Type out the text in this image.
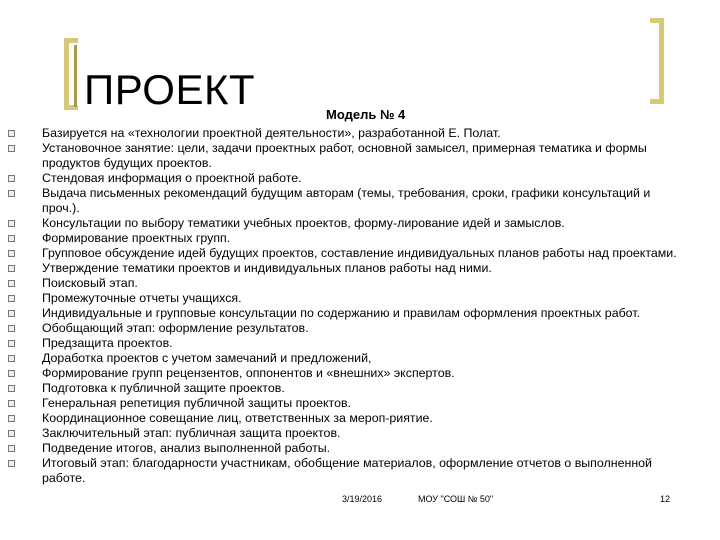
ПРОЕКТ
Модель № 4
Базируется на «технологии проектной деятельности», разработанной Е. Полат.
Установочное занятие: цели, задачи проектных работ, основной замысел, примерная тематика и формы продуктов будущих проектов.
Стендовая информация о проектной работе.
Выдача письменных рекомендаций будущим авторам (темы, требования, сроки, графики консультаций и проч.).
Консультации по выбору тематики учебных проектов, форму-лирование идей и замыслов.
Формирование проектных групп.
Групповое обсуждение идей будущих проектов, составление индивидуальных планов работы над проектами.
Утверждение тематики проектов и индивидуальных планов работы над ними.
Поисковый этап.
Промежуточные отчеты учащихся.
Индивидуальные и групповые консультации по содержанию и правилам оформления проектных работ.
Обобщающий этап: оформление результатов.
Предзащита проектов.
Доработка проектов с учетом замечаний и предложений,
Формирование групп рецензентов, оппонентов и «внешних» экспертов.
Подготовка к публичной защите проектов.
Генеральная репетиция публичной защиты проектов.
Координационное совещание лиц, ответственных за мероп-риятие.
Заключительный этап: публичная защита проектов.
Подведение итогов, анализ выполненной работы.
Итоговый этап: благодарности участникам, обобщение материалов, оформление отчетов о выполненной работе.
3/19/2016	МОУ "СОШ № 50"	12
